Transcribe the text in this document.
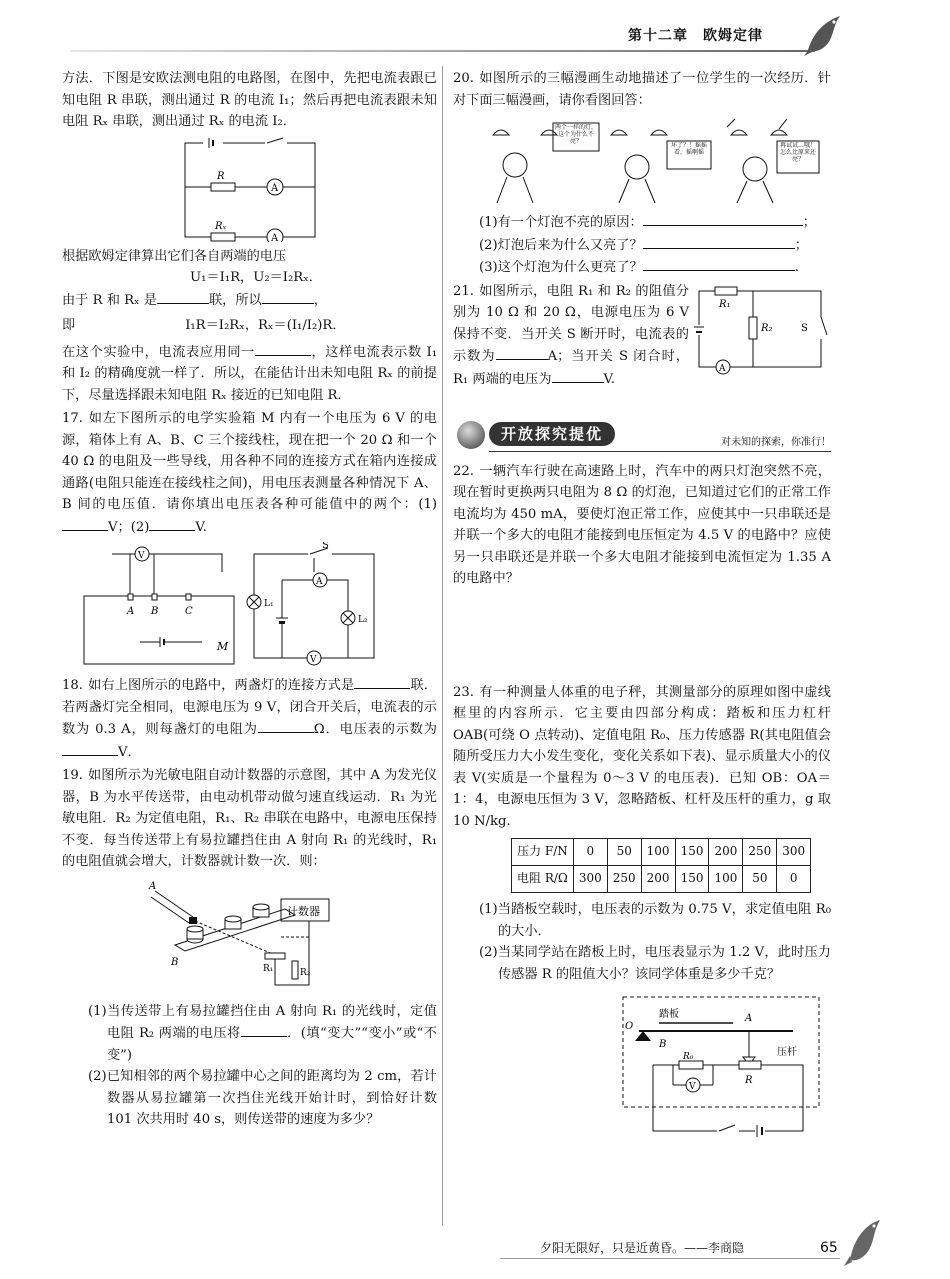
第十二章　欧姆定律

方法．下图是安欧法测电阻的电路图，在图中，先把电流表跟已知电阻 R 串联，测出通过 R 的电流 I₁；然后再把电流表跟未知电阻 Rₓ 串联，测出通过 Rₓ 的电流 I₂．

R
Rₓ
A
A

根据欧姆定律算出它们各自两端的电压

U₁＝I₁R，U₂＝I₂Rₓ．

由于 R 和 Rₓ 是	联，所以	，

即	I₁R＝I₂Rₓ，Rₓ＝(I₁/I₂)R．

在这个实验中，电流表应用同一	，这样电流表示数 I₁ 和 I₂ 的精确度就一样了．所以，在能估计出未知电阻 Rₓ 的前提下，尽量选择跟未知电阻 Rₓ 接近的已知电阻 R．

17. 如左下图所示的电学实验箱 M 内有一个电压为 6 V 的电源，箱体上有 A、B、C 三个接线柱，现在把一个 20 Ω 和一个 40 Ω 的电阻及一些导线，用各种不同的连接方式在箱内连接成通路(电阻只能连在接线柱之间)，用电压表测量各种情况下 A、B 间的电压值．请你填出电压表各种可能值中的两个：(1)V；(2)	V.

V
A B	C
M
A
S
L₁
L₂
V

18. 如右上图所示的电路中，两盏灯的连接方式是	联．若两盏灯完全相同，电源电压为 9 V，闭合开关后，电流表的示数为 0.3 A，则每盏灯的电阻为	Ω．电压表的示数为V．

19. 如图所示为光敏电阻自动计数器的示意图，其中 A 为发光仪器，B 为水平传送带，由电动机带动做匀速直线运动．R₁ 为光敏电阻．R₂ 为定值电阻，R₁、R₂ 串联在电路中，电源电压保持不变．每当传送带上有易拉罐挡住由 A 射向 R₁ 的光线时，R₁ 的电阻值就会增大，计数器就计数一次．则：

A
B
计数器
R₁	R₂

(1)当传送带上有易拉罐挡住由 A 射向 R₁ 的光线时，定值电阻 R₂ 两端的电压将	．(填“变大”“变小”或“不变”)

(2)已知相邻的两个易拉罐中心之间的距离均为 2 cm，若计数器从易拉罐第一次挡住光线开始计时，到恰好计数 101 次共用时 40 s，则传送带的速度为多少？

20. 如图所示的三幅漫画生动地描述了一位学生的一次经历．针对下面三幅漫画，请你看图回答：

两个一样的灯，这个为什么不亮？
坏了？！摇摇看，摇啊摇
再试试…哦！怎么比原来还亮？

(1)有一个灯泡不亮的原因：	；

(2)灯泡后来为什么又亮了？	；

(3)这个灯泡为什么更亮了？	.

21. 如图所示，电阻 R₁ 和 R₂ 的阻值分别为 10 Ω 和 20 Ω，电源电压为 6 V 保持不变．当开关 S 断开时，电流表的示数为	A；当开关 S 闭合时，R₁ 两端的电压为	V.

A
R₁
R₂	S
开放探究提优	对未知的探索，你准行！

22. 一辆汽车行驶在高速路上时，汽车中的两只灯泡突然不亮，现在暂时更换两只电阻为 8 Ω 的灯泡，已知道过它们的正常工作电流均为 450 mA，要使灯泡正常工作，应使其中一只串联还是并联一个多大的电阻才能接到电压恒定为 4.5 V 的电路中？应使另一只串联还是并联一个多大电阻才能接到电流恒定为 1.35 A 的电路中？

23. 有一种测量人体重的电子秤，其测量部分的原理如图中虚线框里的内容所示．它主要由四部分构成：踏板和压力杠杆 OAB(可绕 O 点转动)、定值电阻 R₀、压力传感器 R(其电阻值会随所受压力大小发生变化，变化关系如下表)、显示质量大小的仪表 V(实质是一个量程为 0～3 V 的电压表)．已知 OB：OA＝1：4，电源电压恒为 3 V，忽略踏板、杠杆及压杆的重力，g 取 10 N/kg.

压力 F/N	0	50	100	150	200	250	300
电阻 R/Ω	300	250	200	150	100	50	0

(1)当踏板空载时，电压表的示数为 0.75 V，求定值电阻 R₀ 的大小．

(2)当某同学站在踏板上时，电压表显示为 1.2 V，此时压力传感器 R 的阻值大小？该同学体重是多少千克？

踏板
O
A
B
压杆
R₀
R
V
夕阳无限好，只是近黄昏。——李商隐	65
